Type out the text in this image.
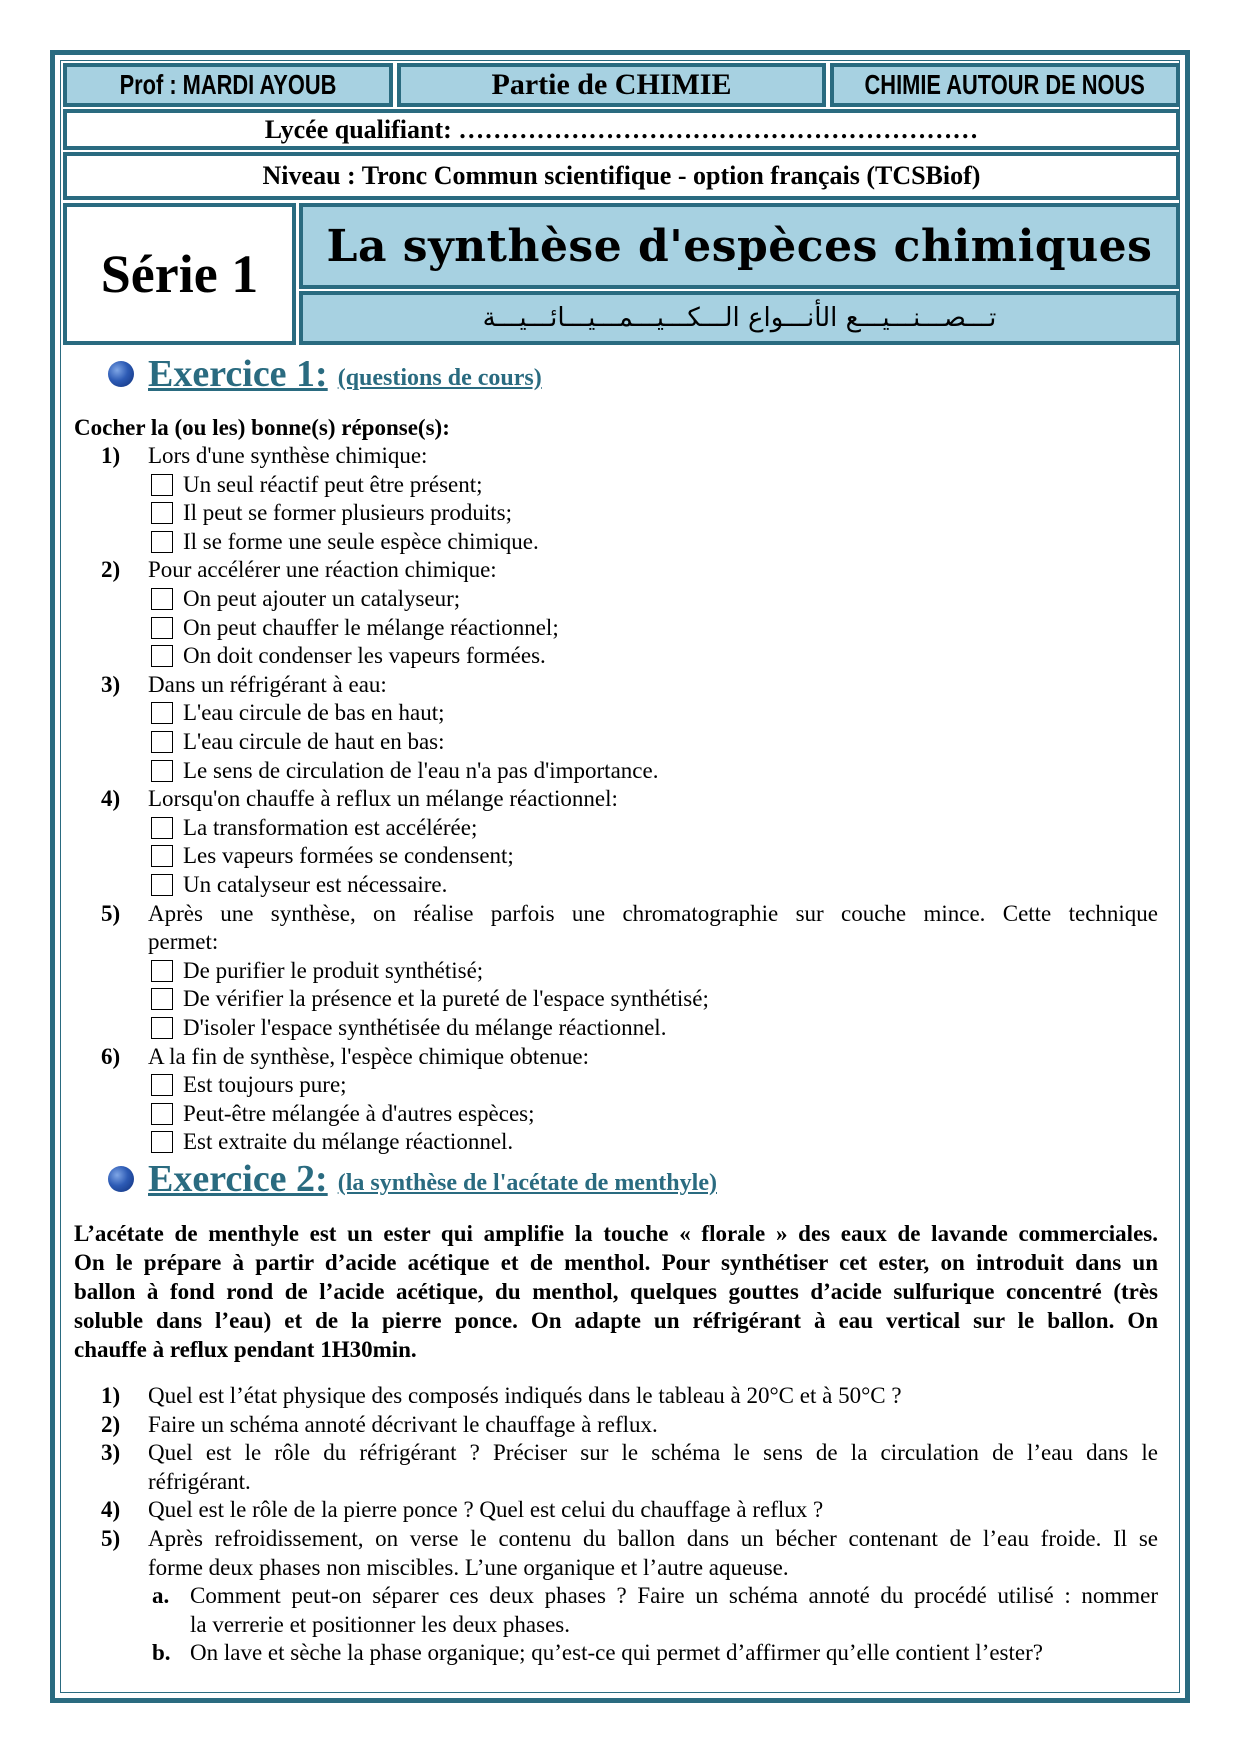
Prof : MARDI AYOUB	Partie de CHIMIE	CHIMIE AUTOUR DE NOUS
Lycée qualifiant: ……………………………………………………
Niveau : Tronc Commun scientifique - option français (TCSBiof)
Série 1 La synthèse d'espèces chimiques
تـــصـــنـــيـــع الأنـــواع الـــكـــيـــمـــيـــائـــيـــة
Exercice 1: (questions de cours)
Cocher la (ou les) bonne(s) réponse(s):
1) Lors d'une synthèse chimique:
Un seul réactif peut être présent;
Il peut se former plusieurs produits;
Il se forme une seule espèce chimique.
2) Pour accélérer une réaction chimique:
On peut ajouter un catalyseur;
On peut chauffer le mélange réactionnel;
On doit condenser les vapeurs formées.
3) Dans un réfrigérant à eau:
L'eau circule de bas en haut;
L'eau circule de haut en bas:
Le sens de circulation de l'eau n'a pas d'importance.
4) Lorsqu'on chauffe à reflux un mélange réactionnel:
La transformation est accélérée;
Les vapeurs formées se condensent;
Un catalyseur est nécessaire.
5) Après une synthèse, on réalise parfois une chromatographie sur couche mince. Cette technique
permet:
De purifier le produit synthétisé;
De vérifier la présence et la pureté de l'espace synthétisé;
D'isoler l'espace synthétisée du mélange réactionnel.
6) A la fin de synthèse, l'espèce chimique obtenue:
Est toujours pure;
Peut-être mélangée à d'autres espèces;
Est extraite du mélange réactionnel.
Exercice 2: (la synthèse de l'acétate de menthyle)
L’acétate de menthyle est un ester qui amplifie la touche « florale » des eaux de lavande commerciales.
On le prépare à partir d’acide acétique et de menthol. Pour synthétiser cet ester, on introduit dans un
ballon à fond rond de l’acide acétique, du menthol, quelques gouttes d’acide sulfurique concentré (très
soluble dans l’eau) et de la pierre ponce. On adapte un réfrigérant à eau vertical sur le ballon. On
chauffe à reflux pendant 1H30min.
1) Quel est l’état physique des composés indiqués dans le tableau à 20°C et à 50°C ?
2) Faire un schéma annoté décrivant le chauffage à reflux.
3) Quel est le rôle du réfrigérant ? Préciser sur le schéma le sens de la circulation de l’eau dans le
réfrigérant.
4) Quel est le rôle de la pierre ponce ? Quel est celui du chauffage à reflux ?
5) Après refroidissement, on verse le contenu du ballon dans un bécher contenant de l’eau froide. Il se
forme deux phases non miscibles. L’une organique et l’autre aqueuse.
a. Comment peut-on séparer ces deux phases ? Faire un schéma annoté du procédé utilisé : nommer
la verrerie et positionner les deux phases.
b. On lave et sèche la phase organique; qu’est-ce qui permet d’affirmer qu’elle contient l’ester?
